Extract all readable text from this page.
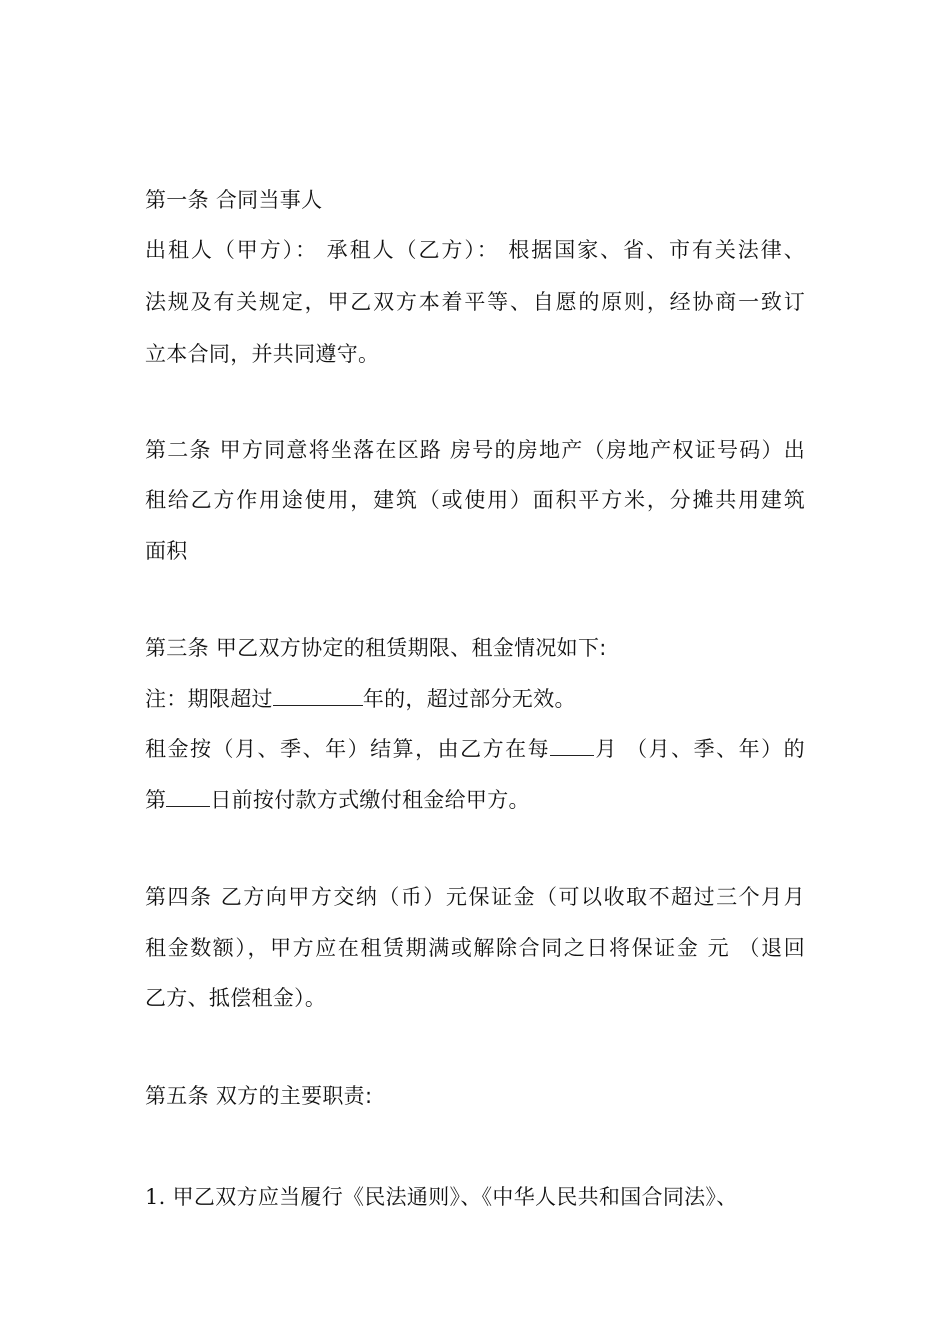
第一条 合同当事人
出租人（甲方）： 承租人（乙方）： 根据国家、省、市有关法律、
法规及有关规定，甲乙双方本着平等、自愿的原则，经协商一致订
立本合同，并共同遵守。
第二条 甲方同意将坐落在区路 房号的房地产（房地产权证号码）出
租给乙方作用途使用，建筑（或使用）面积平方米，分摊共用建筑
面积
第三条 甲乙双方协定的租赁期限、租金情况如下:
注：期限超过	年的，超过部分无效。
租金按（月、季、年）结算，由乙方在每 月 （月、季、年）的
第 日前按付款方式缴付租金给甲方。
第四条 乙方向甲方交纳（币）元保证金（可以收取不超过三个月月
租金数额），甲方应在租赁期满或解除合同之日将保证金 元 （退回
乙方、抵偿租金）。
第五条 双方的主要职责:
1. 甲乙双方应当履行《民法通则》、《中华人民共和国合同法》、
